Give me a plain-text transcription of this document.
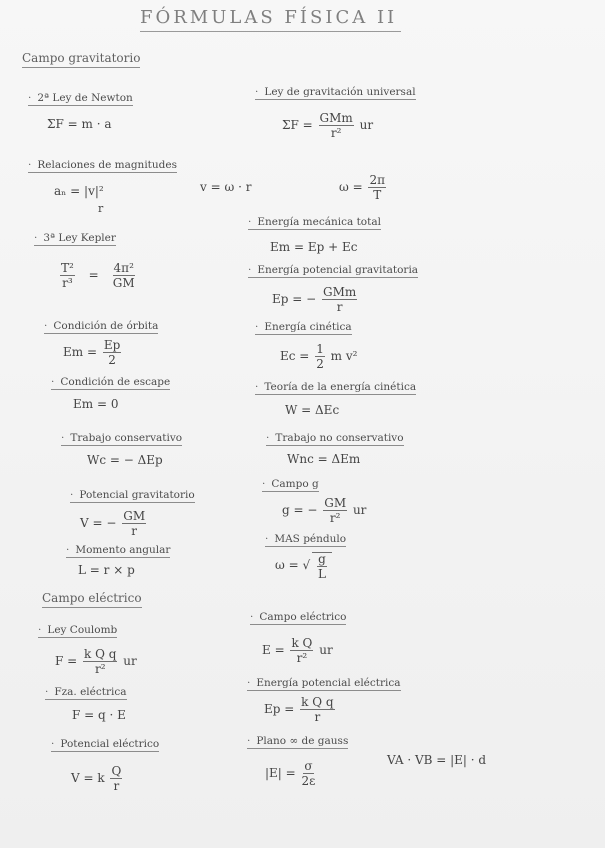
FÓRMULAS FÍSICA II
Campo gravitatorio
· 2ª Ley de Newton
ΣF = m · a
· Ley de gravitación universal
$\Sigma F = \frac{\text{GMm}}{\text{r²}}$ ur
· Relaciones de magnitudes
aₙ = |v|²
r
v = ω · r	$\omega = \frac{2\pi}{T}$
· 3ª Ley Kepler
$\frac{\text{T²}}{\text{r³}} = \frac{\text{4π²}}{GM}$
· Energía mecánica total
Em = Ep + Ec
· Energía potencial gravitatoria
Ep = − $\frac{\text{GMm}}{r}$
· Condición de órbita
$Em = \frac{Ep}{2}$
· Energía cinética
$Ec = \frac{1}{2}$ m v²
· Condición de escape
Em = 0
· Teoría de la energía cinética
W = ΔEc
· Trabajo conservativo
Wc = − ΔEp
· Trabajo no conservativo
Wnc = ΔEm
· Potencial gravitatorio
V = − $\frac{GM}{r}$
· Campo g
g = − $\frac{GM}{\text{r²}}$ ur
· Momento angular
L = r × p
· MAS péndulo
ω = √ $\frac{g}{L}$
Campo eléctrico
· Ley Coulomb
$F = \frac{\text{k Q q}}{\text{r²}}$ ur
· Campo eléctrico
$E = \frac{\text{k Q}}{\text{r²}}$ ur
· Fza. eléctrica
F = q · E
· Energía potencial eléctrica
$Ep = \frac{\text{k Q q}}{r}$
· Potencial eléctrico
V = k $\frac{Q}{r}$
· Plano ∞ de gauss
$|E| = \frac{\sigma}{2\varepsilon}$	VA · VB = |E| · d
